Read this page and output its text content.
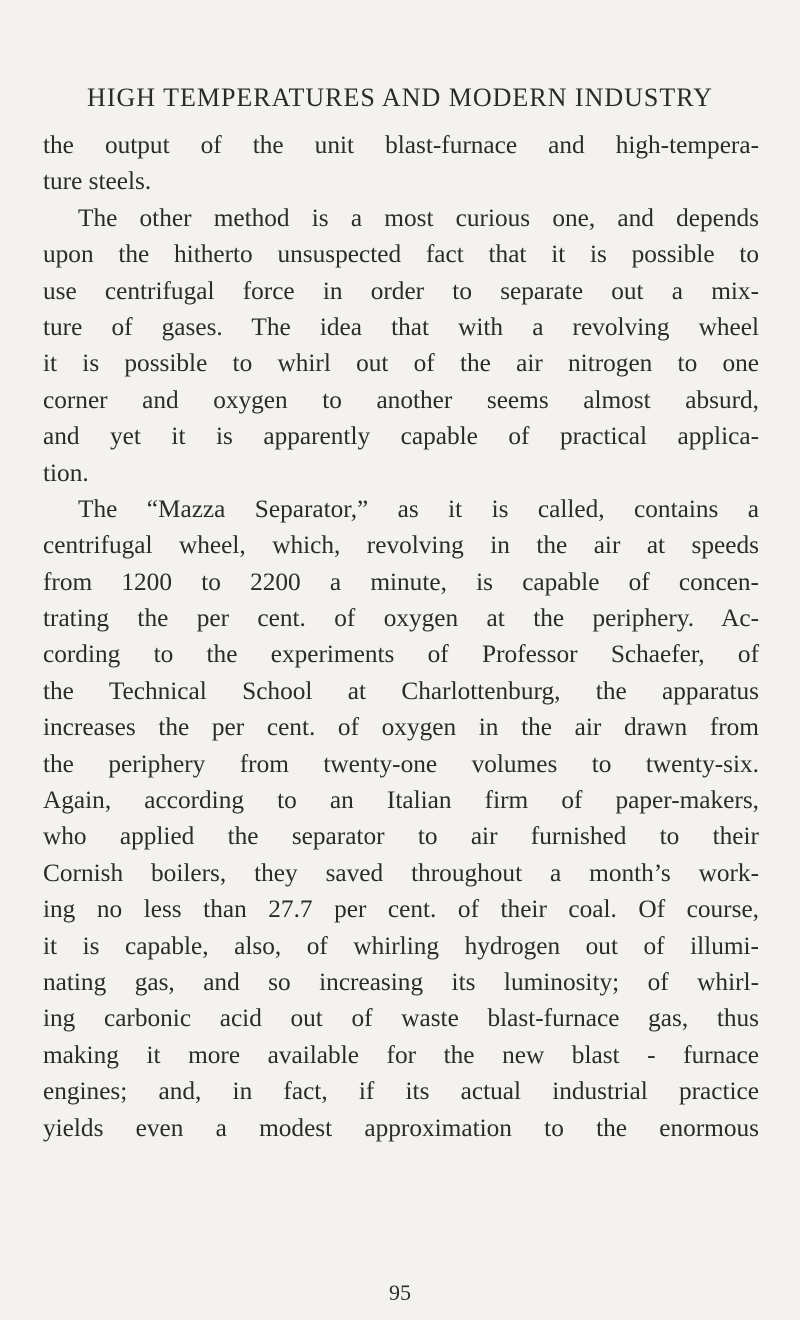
HIGH TEMPERATURES AND MODERN INDUSTRY
the output of the unit blast-furnace and high-tempera-
ture steels.
The other method is a most curious one, and depends
upon the hitherto unsuspected fact that it is possible to
use centrifugal force in order to separate out a mix-
ture of gases. The idea that with a revolving wheel
it is possible to whirl out of the air nitrogen to one
corner and oxygen to another seems almost absurd,
and yet it is apparently capable of practical applica-
tion.
The “Mazza Separator,” as it is called, contains a
centrifugal wheel, which, revolving in the air at speeds
from 1200 to 2200 a minute, is capable of concen-
trating the per cent. of oxygen at the periphery. Ac-
cording to the experiments of Professor Schaefer, of
the Technical School at Charlottenburg, the apparatus
increases the per cent. of oxygen in the air drawn from
the periphery from twenty-one volumes to twenty-six.
Again, according to an Italian firm of paper-makers,
who applied the separator to air furnished to their
Cornish boilers, they saved throughout a month’s work-
ing no less than 27.7 per cent. of their coal. Of course,
it is capable, also, of whirling hydrogen out of illumi-
nating gas, and so increasing its luminosity; of whirl-
ing carbonic acid out of waste blast-furnace gas, thus
making it more available for the new blast - furnace
engines; and, in fact, if its actual industrial practice
yields even a modest approximation to the enormous
95
